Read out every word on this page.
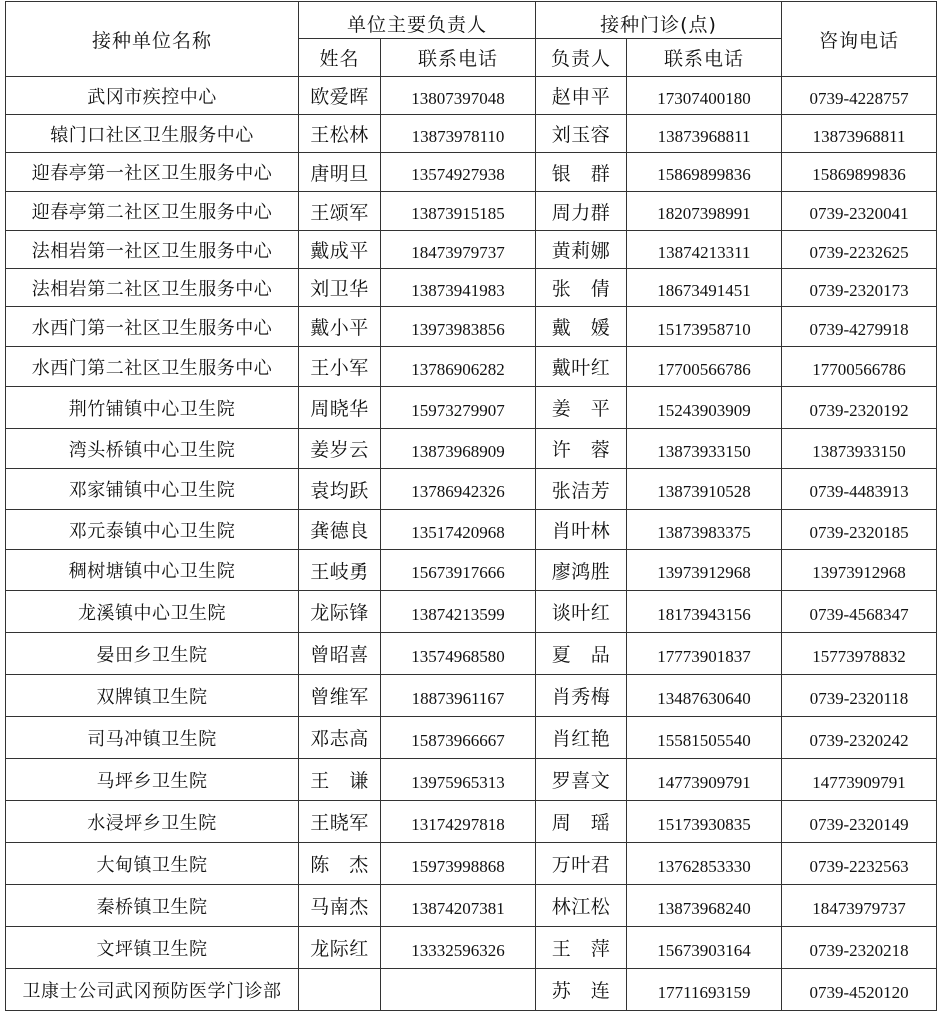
接种单位名称	单位主要负责人		接种门诊(点)		咨询电话
	姓名	联系电话	负责人	联系电话	
武冈市疾控中心	欧爱晖	13807397048	赵申平	17307400180	0739-4228757
辕门口社区卫生服务中心	王松林	13873978110	刘玉容	13873968811	13873968811
迎春亭第一社区卫生服务中心	唐明旦	13574927938	银　群	15869899836	15869899836
迎春亭第二社区卫生服务中心	王颂军	13873915185	周力群	18207398991	0739-2320041
法相岩第一社区卫生服务中心	戴成平	18473979737	黄莉娜	13874213311	0739-2232625
法相岩第二社区卫生服务中心	刘卫华	13873941983	张　倩	18673491451	0739-2320173
水西门第一社区卫生服务中心	戴小平	13973983856	戴　媛	15173958710	0739-4279918
水西门第二社区卫生服务中心	王小军	13786906282	戴叶红	17700566786	17700566786
荆竹铺镇中心卫生院	周晓华	15973279907	姜　平	15243903909	0739-2320192
湾头桥镇中心卫生院	姜岁云	13873968909	许　蓉	13873933150	13873933150
邓家铺镇中心卫生院	袁均跃	13786942326	张洁芳	13873910528	0739-4483913
邓元泰镇中心卫生院	龚德良	13517420968	肖叶林	13873983375	0739-2320185
稠树塘镇中心卫生院	王岐勇	15673917666	廖鸿胜	13973912968	13973912968
龙溪镇中心卫生院	龙际锋	13874213599	谈叶红	18173943156	0739-4568347
晏田乡卫生院	曾昭喜	13574968580	夏　品	17773901837	15773978832
双牌镇卫生院	曾维军	18873961167	肖秀梅	13487630640	0739-2320118
司马冲镇卫生院	邓志高	15873966667	肖红艳	15581505540	0739-2320242
马坪乡卫生院	王　谦	13975965313	罗喜文	14773909791	14773909791
水浸坪乡卫生院	王晓军	13174297818	周　瑶	15173930835	0739-2320149
大甸镇卫生院	陈　杰	15973998868	万叶君	13762853330	0739-2232563
秦桥镇卫生院	马南杰	13874207381	林江松	13873968240	18473979737
文坪镇卫生院	龙际红	13332596326	王　萍	15673903164	0739-2320218
卫康士公司武冈预防医学门诊部			苏　连	17711693159	0739-4520120
